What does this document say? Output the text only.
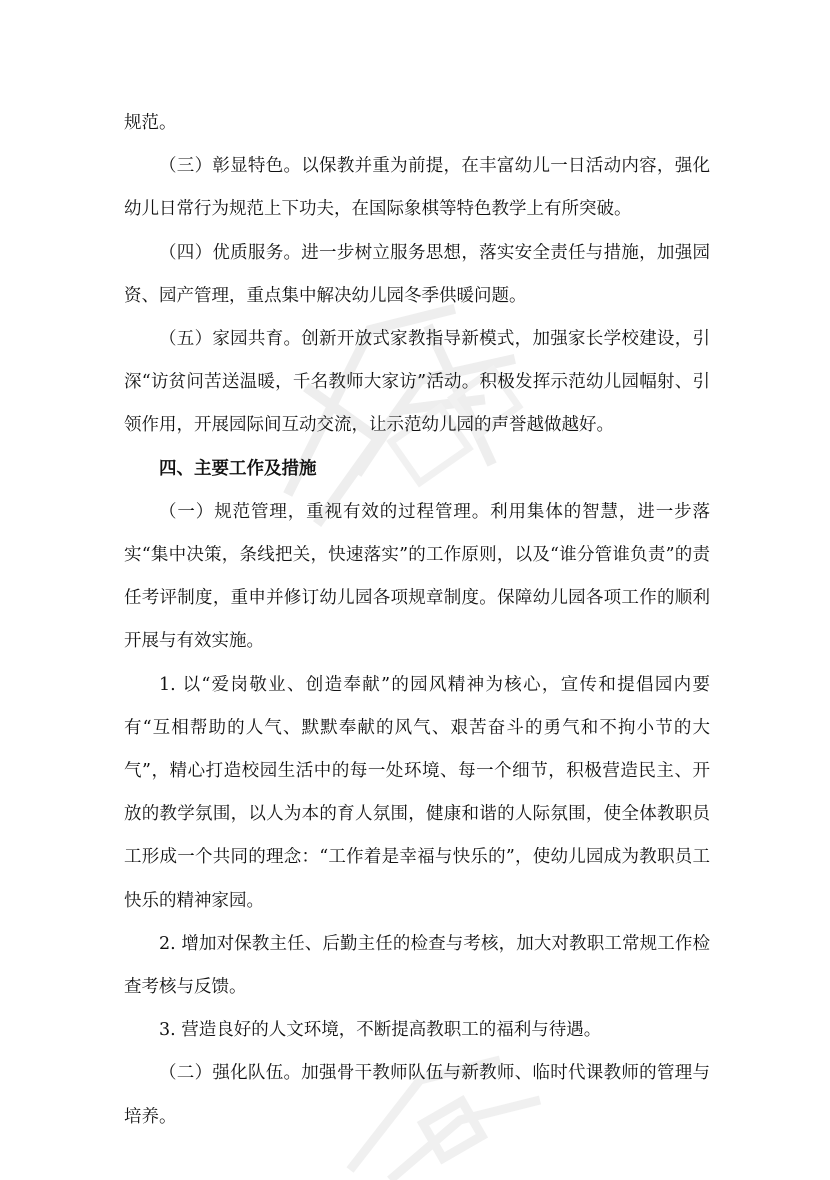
规范。

（三）彰显特色。以保教并重为前提，在丰富幼儿一日活动内容，强化幼儿日常行为规范上下功夫，在国际象棋等特色教学上有所突破。

（四）优质服务。进一步树立服务思想，落实安全责任与措施，加强园资、园产管理，重点集中解决幼儿园冬季供暖问题。

（五）家园共育。创新开放式家教指导新模式，加强家长学校建设，引深“访贫问苦送温暖，千名教师大家访”活动。积极发挥示范幼儿园幅射、引领作用，开展园际间互动交流，让示范幼儿园的声誉越做越好。

四、主要工作及措施

（一）规范管理，重视有效的过程管理。利用集体的智慧，进一步落实“集中决策，条线把关，快速落实”的工作原则，以及“谁分管谁负责”的责任考评制度，重申并修订幼儿园各项规章制度。保障幼儿园各项工作的顺利开展与有效实施。

1. 以“爱岗敬业、创造奉献”的园风精神为核心，宣传和提倡园内要有“互相帮助的人气、默默奉献的风气、艰苦奋斗的勇气和不拘小节的大气”，精心打造校园生活中的每一处环境、每一个细节，积极营造民主、开放的教学氛围，以人为本的育人氛围，健康和谐的人际氛围，使全体教职员工形成一个共同的理念：“工作着是幸福与快乐的”，使幼儿园成为教职员工快乐的精神家园。

2. 增加对保教主任、后勤主任的检查与考核，加大对教职工常规工作检查考核与反馈。

3. 营造良好的人文环境，不断提高教职工的福利与待遇。

（二）强化队伍。加强骨干教师队伍与新教师、临时代课教师的管理与培养。
